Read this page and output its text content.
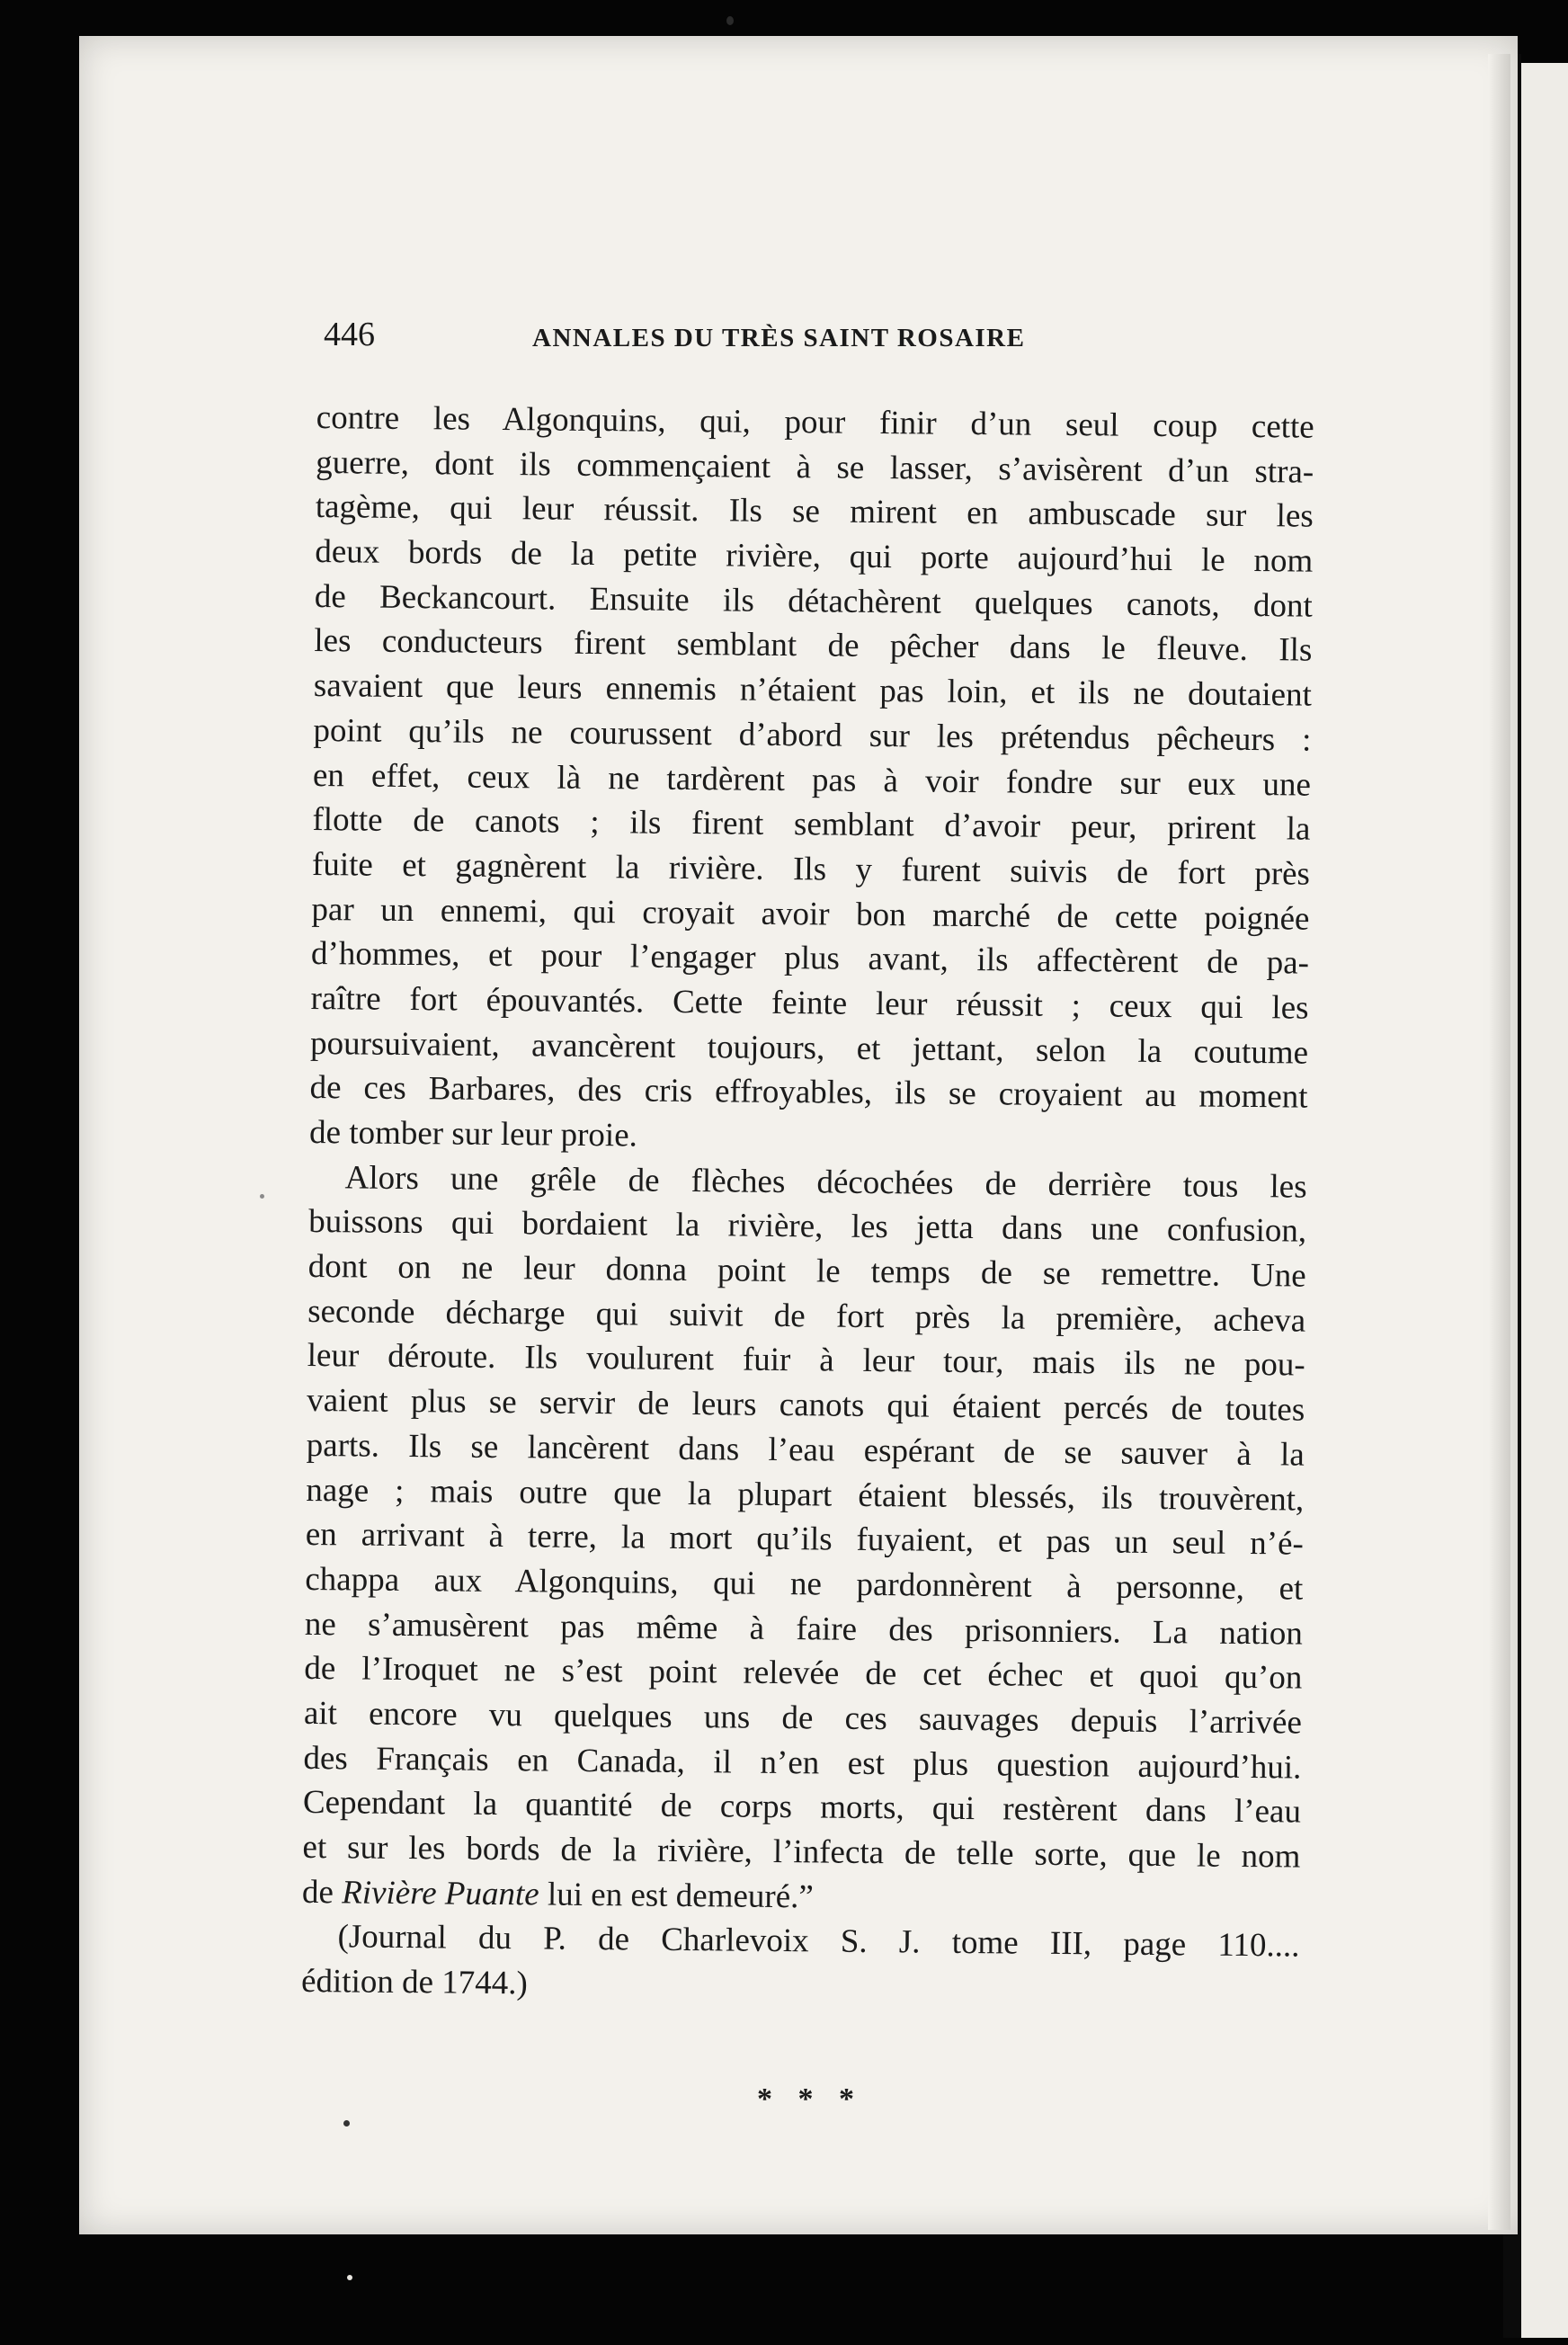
446	ANNALES DU TRÈS SAINT ROSAIRE
contre les Algonquins, qui, pour finir d’un seul coup cette
guerre, dont ils commençaient à se lasser, s’avisèrent d’un stra-
tagème, qui leur réussit. Ils se mirent en ambuscade sur les
deux bords de la petite rivière, qui porte aujourd’hui le nom
de Beckancourt. Ensuite ils détachèrent quelques canots, dont
les conducteurs firent semblant de pêcher dans le fleuve. Ils
savaient que leurs ennemis n’étaient pas loin, et ils ne doutaient
point qu’ils ne courussent d’abord sur les prétendus pêcheurs :
en effet, ceux là ne tardèrent pas à voir fondre sur eux une
flotte de canots ; ils firent semblant d’avoir peur, prirent la
fuite et gagnèrent la rivière. Ils y furent suivis de fort près
par un ennemi, qui croyait avoir bon marché de cette poignée
d’hommes, et pour l’engager plus avant, ils affectèrent de pa-
raître fort épouvantés. Cette feinte leur réussit ; ceux qui les
poursuivaient, avancèrent toujours, et jettant, selon la coutume
de ces Barbares, des cris effroyables, ils se croyaient au moment
de tomber sur leur proie.
Alors une grêle de flèches décochées de derrière tous les
buissons qui bordaient la rivière, les jetta dans une confusion,
dont on ne leur donna point le temps de se remettre. Une
seconde décharge qui suivit de fort près la première, acheva
leur déroute. Ils voulurent fuir à leur tour, mais ils ne pou-
vaient plus se servir de leurs canots qui étaient percés de toutes
parts. Ils se lancèrent dans l’eau espérant de se sauver à la
nage ; mais outre que la plupart étaient blessés, ils trouvèrent,
en arrivant à terre, la mort qu’ils fuyaient, et pas un seul n’é-
chappa aux Algonquins, qui ne pardonnèrent à personne, et
ne s’amusèrent pas même à faire des prisonniers. La nation
de l’Iroquet ne s’est point relevée de cet échec et quoi qu’on
ait encore vu quelques uns de ces sauvages depuis l’arrivée
des Français en Canada, il n’en est plus question aujourd’hui.
Cependant la quantité de corps morts, qui restèrent dans l’eau
et sur les bords de la rivière, l’infecta de telle sorte, que le nom
de Rivière Puante lui en est demeuré.”
(Journal du P. de Charlevoix S. J. tome III, page 110....
édition de 1744.)
* * *
